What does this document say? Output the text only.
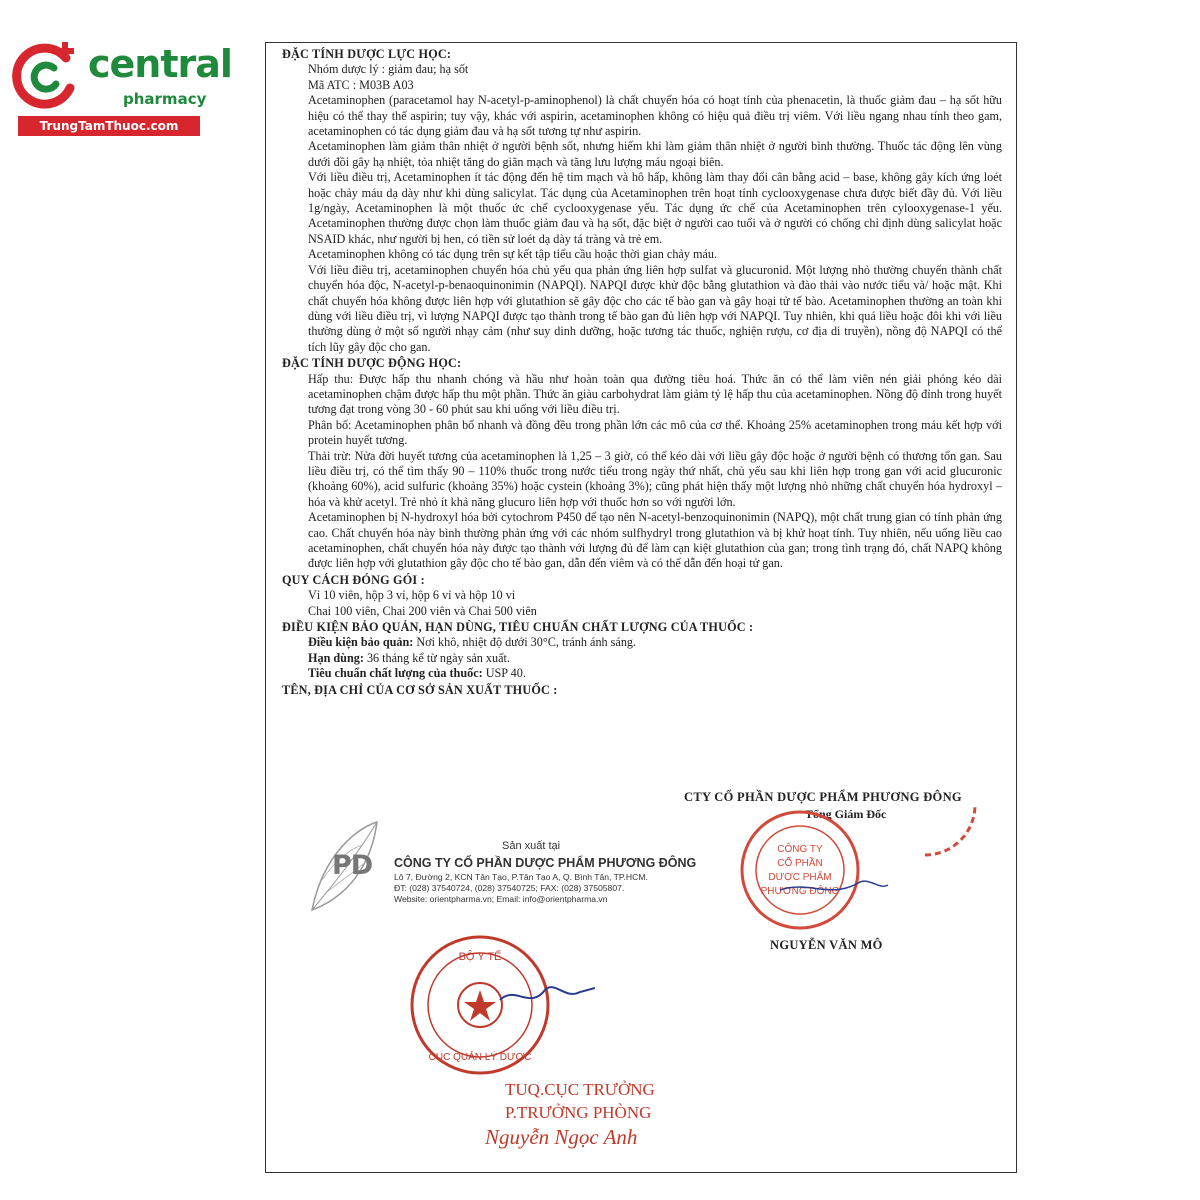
central
pharmacy
TrungTamThuoc.com
ĐẶC TÍNH DƯỢC LỰC HỌC:
Nhóm dược lý : giảm đau; hạ sốt
Mã ATC : M03B A03
Acetaminophen (paracetamol hay N-acetyl-p-aminophenol) là chất chuyển hóa có hoạt tính của phenacetin, là thuốc giảm đau – hạ sốt hữu hiệu có thể thay thế aspirin; tuy vậy, khác với aspirin, acetaminophen không có hiệu quả điều trị viêm. Với liều ngang nhau tính theo gam, acetaminophen có tác dụng giảm đau và hạ sốt tương tự như aspirin.
Acetaminophen làm giảm thân nhiệt ở người bệnh sốt, nhưng hiếm khi làm giảm thân nhiệt ở người bình thường. Thuốc tác động lên vùng dưới đồi gây hạ nhiệt, tỏa nhiệt tăng do giãn mạch và tăng lưu lượng máu ngoại biên.
Với liều điều trị, Acetaminophen ít tác động đến hệ tim mạch và hô hấp, không làm thay đổi cân bằng acid – base, không gây kích ứng loét hoặc chảy máu dạ dày như khi dùng salicylat. Tác dụng của Acetaminophen trên hoạt tính cyclooxygenase chưa được biết đầy đủ. Với liều 1g/ngày, Acetaminophen là một thuốc ức chế cyclooxygenase yếu. Tác dụng ức chế của Acetaminophen trên cylooxygenase-1 yếu. Acetaminophen thường được chọn làm thuốc giảm đau và hạ sốt, đặc biệt ở người cao tuổi và ở người có chống chỉ định dùng salicylat hoặc NSAID khác, như người bị hen, có tiền sử loét dạ dày tá tràng và trẻ em.
Acetaminophen không có tác dụng trên sự kết tập tiểu cầu hoặc thời gian chảy máu.
Với liều điều trị, acetaminophen chuyển hóa chủ yếu qua phản ứng liên hợp sulfat và glucuronid. Một lượng nhỏ thường chuyển thành chất chuyển hóa độc, N-acetyl-p-benaoquinonimin (NAPQI). NAPQI được khử độc bằng glutathion và đào thải vào nước tiểu và/ hoặc mật. Khi chất chuyển hóa không được liên hợp với glutathion sẽ gây độc cho các tế bào gan và gây hoại tử tế bào. Acetaminophen thường an toàn khi dùng với liều điều trị, vì lượng NAPQI được tạo thành trong tế bào gan đủ liên hợp với NAPQI. Tuy nhiên, khi quá liều hoặc đôi khi với liều thường dùng ở một số người nhạy cảm (như suy dinh dưỡng, hoặc tương tác thuốc, nghiện rượu, cơ địa di truyền), nồng độ NAPQI có thể tích lũy gây độc cho gan.
ĐẶC TÍNH DƯỢC ĐỘNG HỌC:
Hấp thu: Được hấp thu nhanh chóng và hầu như hoàn toàn qua đường tiêu hoá. Thức ăn có thể làm viên nén giải phóng kéo dài acetaminophen chậm được hấp thu một phần. Thức ăn giàu carbohydrat làm giảm tỷ lệ hấp thu của acetaminophen. Nồng độ đỉnh trong huyết tương đạt trong vòng 30 - 60 phút sau khi uống với liều điều trị.
Phân bố: Acetaminophen phân bố nhanh và đồng đều trong phần lớn các mô của cơ thể. Khoảng 25% acetaminophen trong máu kết hợp với protein huyết tương.
Thải trừ: Nửa đời huyết tương của acetaminophen là 1,25 – 3 giờ, có thể kéo dài với liều gây độc hoặc ở người bệnh có thương tổn gan. Sau liều điều trị, có thể tìm thấy 90 – 110% thuốc trong nước tiểu trong ngày thứ nhất, chủ yếu sau khi liên hợp trong gan với acid glucuronic (khoảng 60%), acid sulfuric (khoảng 35%) hoặc cystein (khoảng 3%); cũng phát hiện thấy một lượng nhỏ những chất chuyển hóa hydroxyl – hóa và khử acetyl. Trẻ nhỏ ít khả năng glucuro liên hợp với thuốc hơn so với người lớn.
Acetaminophen bị N-hydroxyl hóa bởi cytochrom P450 để tạo nên N-acetyl-benzoquinonimin (NAPQ), một chất trung gian có tính phản ứng cao. Chất chuyển hóa này bình thường phản ứng với các nhóm sulfhydryl trong glutathion và bị khử hoạt tính. Tuy nhiên, nếu uống liều cao acetaminophen, chất chuyển hóa này được tạo thành với lượng đủ để làm cạn kiệt glutathion của gan; trong tình trạng đó, chất NAPQ không được liên hợp với glutathion gây độc cho tế bào gan, dẫn đến viêm và có thể dẫn đến hoại tử gan.
QUY CÁCH ĐÓNG GÓI :
Vỉ 10 viên, hộp 3 vỉ, hộp 6 vỉ và hộp 10 vỉ
Chai 100 viên, Chai 200 viên và Chai 500 viên
ĐIỀU KIỆN BẢO QUẢN, HẠN DÙNG, TIÊU CHUẨN CHẤT LƯỢNG CỦA THUỐC :
Điều kiện bảo quản: Nơi khô, nhiệt độ dưới 30°C, tránh ánh sáng.
Hạn dùng: 36 tháng kể từ ngày sản xuất.
Tiêu chuẩn chất lượng của thuốc: USP 40.
TÊN, ĐỊA CHỈ CỦA CƠ SỞ SẢN XUẤT THUỐC :
PD
Sản xuất tại
CÔNG TY CỔ PHẦN DƯỢC PHẨM PHƯƠNG ĐÔNG
Lô 7, Đường 2, KCN Tân Tạo, P.Tân Tạo A, Q. Bình Tân, TP.HCM.
ĐT: (028) 37540724, (028) 37540725; FAX: (028) 37505807.
Website: orientpharma.vn; Email: info@orientpharma.vn
CTY CỔ PHẦN DƯỢC PHẨM PHƯƠNG ĐÔNG
Tổng Giám Đốc
CÔNG TY
CỔ PHẦN
DƯỢC PHẨM
PHƯƠNG ĐÔNG
NGUYỄN VĂN MÔ
BỘ Y TẾ
CỤC QUẢN LÝ DƯỢC
TUQ.CỤC TRƯỞNG
P.TRƯỞNG PHÒNG
Nguyễn Ngọc Anh
